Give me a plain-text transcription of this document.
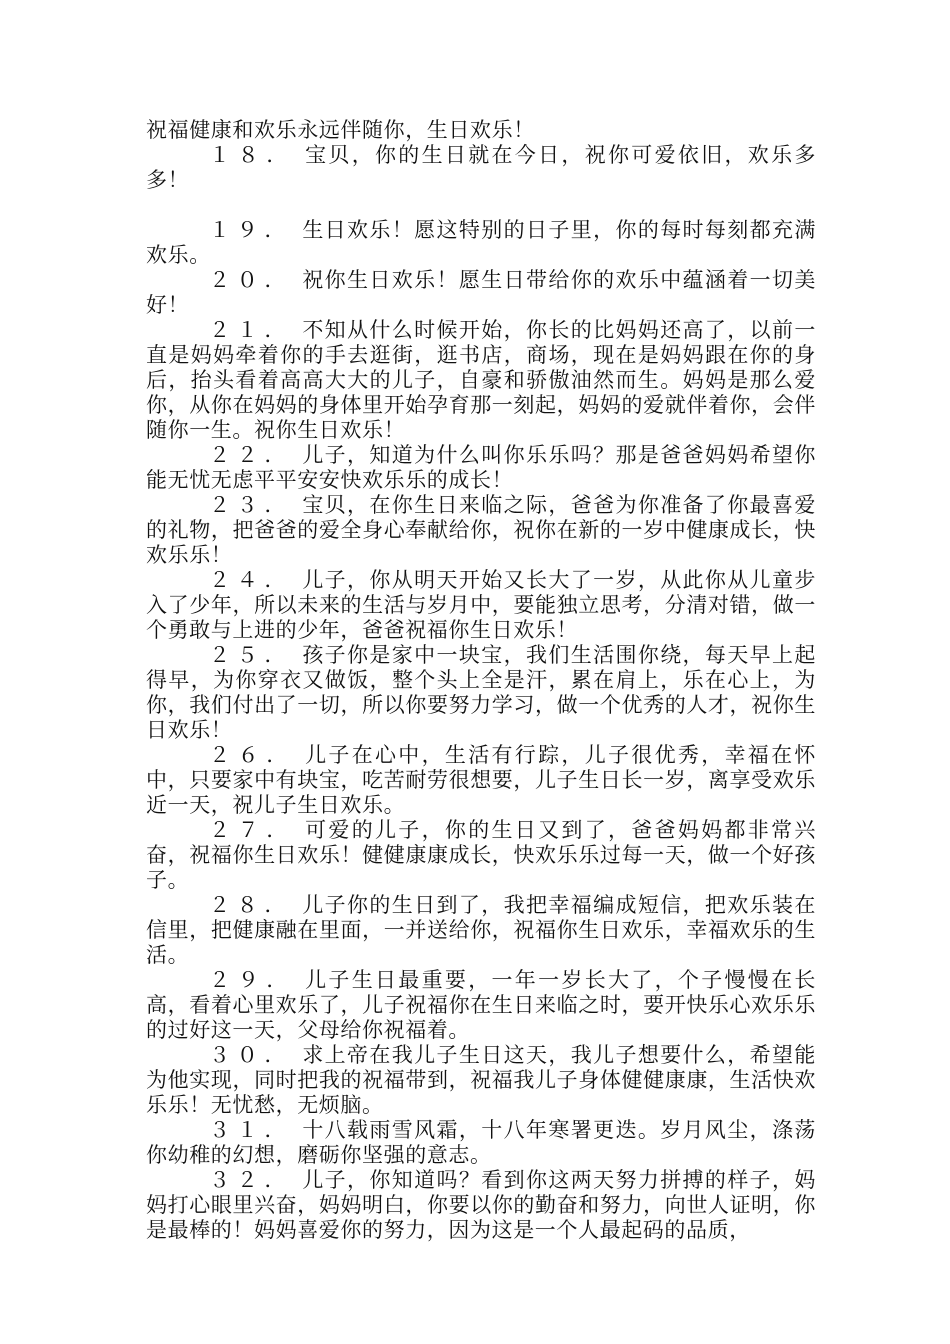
祝福健康和欢乐永远伴随你，生日欢乐！

１８． 宝贝，你的生日就在今日，祝你可爱依旧，欢乐多多！

１９． 生日欢乐！愿这特别的日子里，你的每时每刻都充满欢乐。

２０． 祝你生日欢乐！愿生日带给你的欢乐中蕴涵着一切美好！

２１． 不知从什么时候开始，你长的比妈妈还高了，以前一直是妈妈牵着你的手去逛街，逛书店，商场，现在是妈妈跟在你的身后，抬头看着高高大大的儿子，自豪和骄傲油然而生。妈妈是那么爱你，从你在妈妈的身体里开始孕育那一刻起，妈妈的爱就伴着你，会伴随你一生。祝你生日欢乐！

２２． 儿子，知道为什么叫你乐乐吗？那是爸爸妈妈希望你能无忧无虑平平安安快欢乐乐的成长！

２３． 宝贝，在你生日来临之际，爸爸为你准备了你最喜爱的礼物，把爸爸的爱全身心奉献给你，祝你在新的一岁中健康成长，快欢乐乐！

２４． 儿子，你从明天开始又长大了一岁，从此你从儿童步入了少年，所以未来的生活与岁月中，要能独立思考，分清对错，做一个勇敢与上进的少年，爸爸祝福你生日欢乐！

２５． 孩子你是家中一块宝，我们生活围你绕，每天早上起得早，为你穿衣又做饭，整个头上全是汗，累在肩上，乐在心上，为你，我们付出了一切，所以你要努力学习，做一个优秀的人才，祝你生日欢乐！

２６． 儿子在心中，生活有行踪，儿子很优秀，幸福在怀中，只要家中有块宝，吃苦耐劳很想要，儿子生日长一岁，离享受欢乐近一天，祝儿子生日欢乐。

２７． 可爱的儿子，你的生日又到了，爸爸妈妈都非常兴奋，祝福你生日欢乐！健健康康成长，快欢乐乐过每一天，做一个好孩子。

２８． 儿子你的生日到了，我把幸福编成短信，把欢乐装在信里，把健康融在里面，一并送给你，祝福你生日欢乐，幸福欢乐的生活。

２９． 儿子生日最重要，一年一岁长大了，个子慢慢在长高，看着心里欢乐了，儿子祝福你在生日来临之时，要开快乐心欢乐乐的过好这一天，父母给你祝福着。

３０． 求上帝在我儿子生日这天，我儿子想要什么，希望能为他实现，同时把我的祝福带到，祝福我儿子身体健健康康，生活快欢乐乐！无忧愁，无烦脑。

３１． 十八载雨雪风霜，十八年寒署更迭。岁月风尘，涤荡你幼稚的幻想，磨砺你坚强的意志。

３２． 儿子，你知道吗？看到你这两天努力拼搏的样子，妈妈打心眼里兴奋，妈妈明白，你要以你的勤奋和努力，向世人证明，你是最棒的！妈妈喜爱你的努力，因为这是一个人最起码的品质，
